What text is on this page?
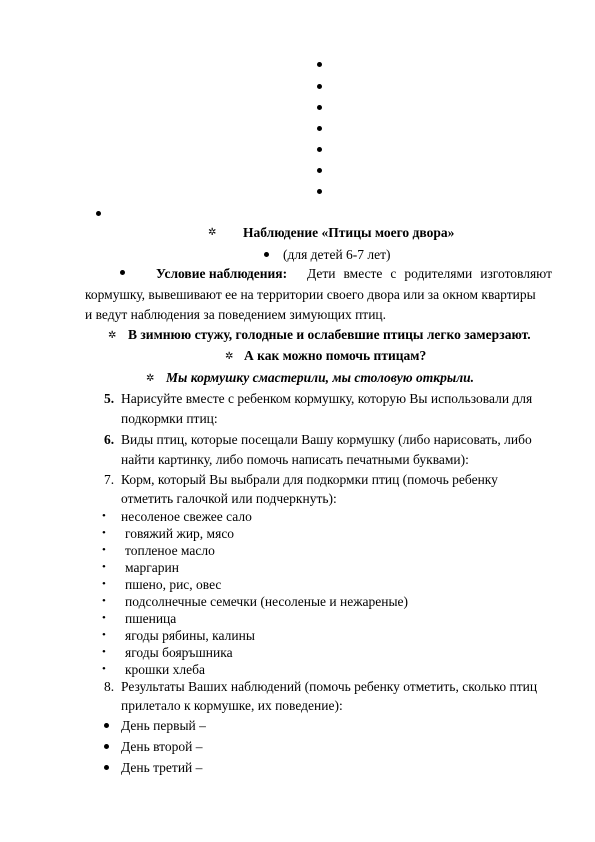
✲ Наблюдение «Птицы моего двора»
(для детей 6-7 лет)
Условие наблюдения: Дети вместе с родителями изготовляют
кормушку, вывешивают ее на территории своего двора или за окном квартиры
и ведут наблюдения за поведением зимующих птиц.
✲ В зимнюю стужу, голодные и ослабевшие птицы легко замерзают.
✲ А как можно помочь птицам?
✲ Мы кормушку смастерили, мы столовую открыли.
5. Нарисуйте вместе с ребенком кормушку, которую Вы использовали для
подкормки птиц:
6. Виды птиц, которые посещали Вашу кормушку (либо нарисовать, либо
найти картинку, либо помочь написать печатными буквами):
7. Корм, который Вы выбрали для подкормки птиц (помочь ребенку
отметить галочкой или подчеркнуть):
• несоленое свежее сало
• говяжий жир, мясо
• топленое масло
• маргарин
• пшено, рис, овес
• подсолнечные семечки (несоленые и нежареные)
• пшеница
• ягоды рябины, калины
• ягоды бояръшника
• крошки хлеба
8. Результаты Ваших наблюдений (помочь ребенку отметить, сколько птиц
прилетало к кормушке, их поведение):
День первый –
День второй –
День третий –
